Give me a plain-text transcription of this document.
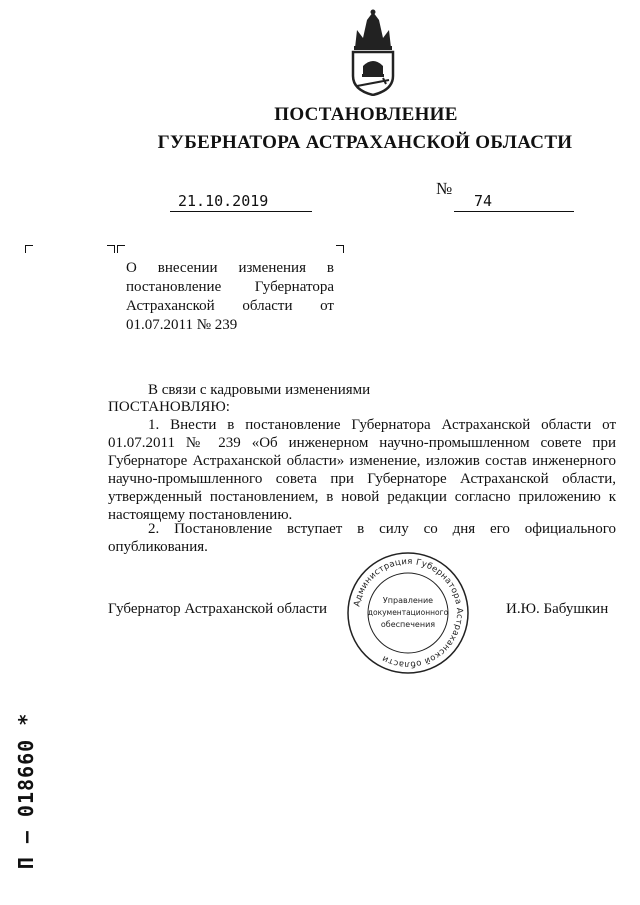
ПОСТАНОВЛЕНИЕ
ГУБЕРНАТОРА АСТРАХАНСКОЙ ОБЛАСТИ
21.10.2019
№
74
О внесении изменения в
постановление Губернатора
Астраханской области от
01.07.2011 № 239
В связи с кадровыми изменениями
ПОСТАНОВЛЯЮ:
1. Внести в постановление Губернатора Астраханской области от 01.07.2011 № 239 «Об инженерном научно-промышленном совете при Губернаторе Астраханской области» изменение, изложив состав инженерного научно-промышленного совета при Губернаторе Астраханской области, утвержденный постановлением, в новой редакции согласно приложению к настоящему постановлению.
2. Постановление вступает в силу со дня его официального опубликования.
Губернатор Астраханской области	И.Ю. Бабушкин
Администрация Губернатора Астраханской области
Управление
документационного
обеспечения
П – 018660 *
